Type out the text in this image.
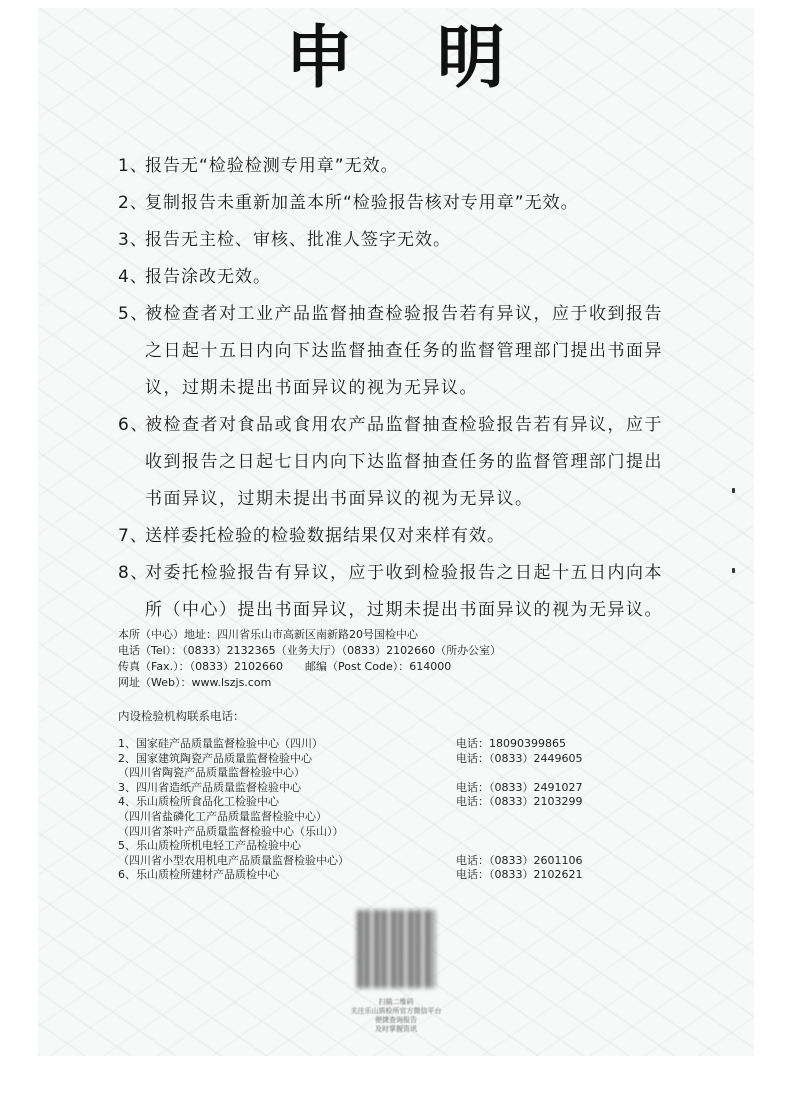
申 明
1、
报告无“检验检测专用章”无效。
2、
复制报告未重新加盖本所“检验报告核对专用章”无效。
3、
报告无主检、审核、批准人签字无效。
4、
报告涂改无效。
5、
被检查者对工业产品监督抽查检验报告若有异议，应于收到报告
之日起十五日内向下达监督抽查任务的监督管理部门提出书面异
议，过期未提出书面异议的视为无异议。
6、
被检查者对食品或食用农产品监督抽查检验报告若有异议，应于
收到报告之日起七日内向下达监督抽查任务的监督管理部门提出
书面异议，过期未提出书面异议的视为无异议。
7、
送样委托检验的检验数据结果仅对来样有效。
8、
对委托检验报告有异议，应于收到检验报告之日起十五日内向本
所（中心）提出书面异议，过期未提出书面异议的视为无异议。
本所（中心）地址：四川省乐山市高新区南新路20号国检中心
电话（Tel）：（0833）2132365（业务大厅）（0833）2102660（所办公室）
传真（Fax.）：（0833）2102660　　邮编（Post Code）：614000
网址（Web）：www.lszjs.com
内设检验机构联系电话：
1、国家硅产品质量监督检验中心（四川）
2、国家建筑陶瓷产品质量监督检验中心
（四川省陶瓷产品质量监督检验中心）
3、四川省造纸产品质量监督检验中心
4、乐山质检所食品化工检验中心
（四川省盐磷化工产品质量监督检验中心）
（四川省茶叶产品质量监督检验中心（乐山））
5、乐山质检所机电轻工产品检验中心
（四川省小型农用机电产品质量监督检验中心）
6、乐山质检所建材产品质检中心
电话：18090399865
电话：（0833）2449605
电话：（0833）2491027
电话：（0833）2103299
电话：（0833）2601106
电话：（0833）2102621
扫描二维码
关注乐山质检所官方微信平台
便捷查询报告
及时掌握资讯
